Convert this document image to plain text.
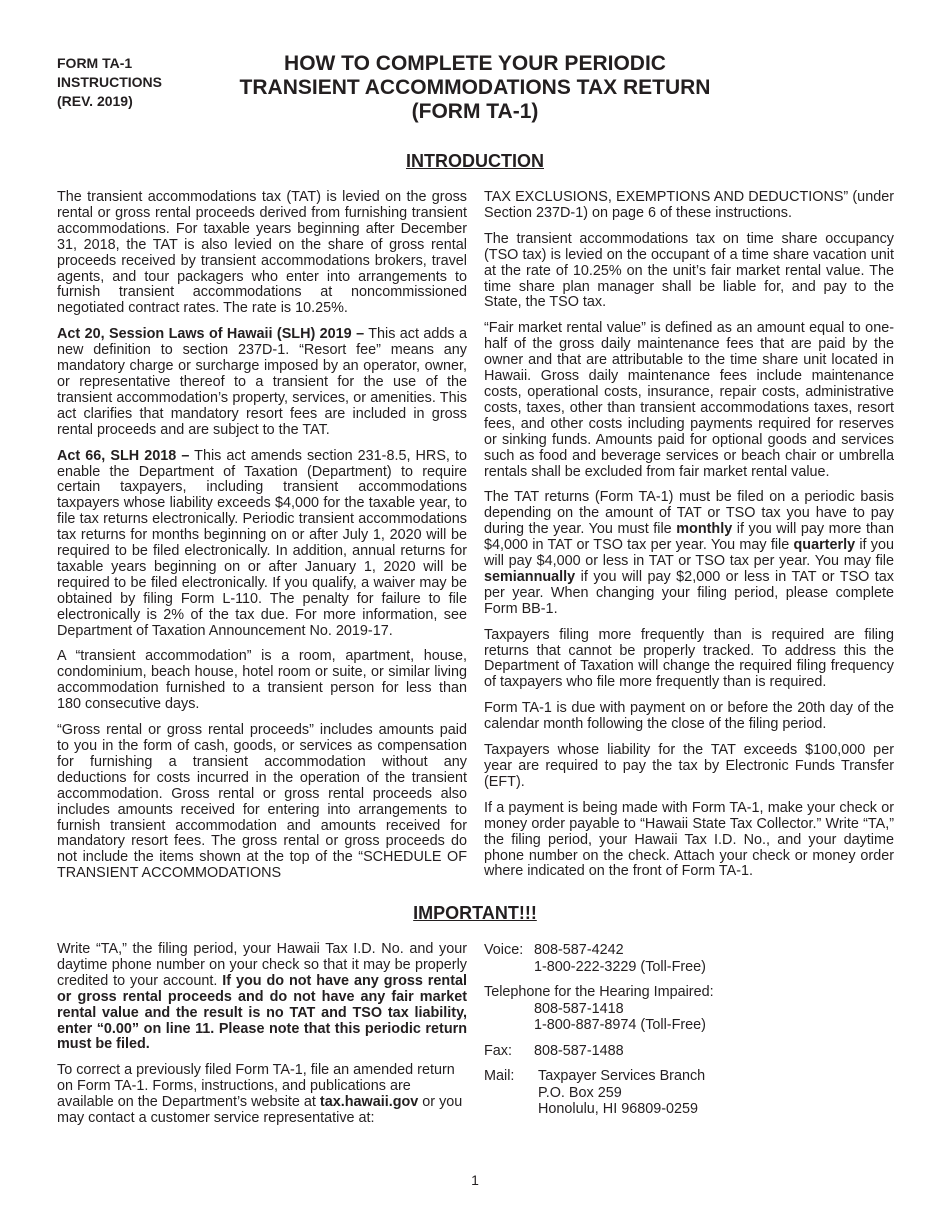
FORM TA-1
INSTRUCTIONS
(REV. 2019)
HOW TO COMPLETE YOUR PERIODIC
TRANSIENT ACCOMMODATIONS TAX RETURN
(FORM TA-1)
INTRODUCTION

The transient accommodations tax (TAT) is levied on the gross rental or gross rental proceeds derived from furnishing transient accommodations. For taxable years beginning after December 31, 2018, the TAT is also levied on the share of gross rental proceeds received by transient accommodations brokers, travel agents, and tour packagers who enter into arrangements to furnish transient accommodations at noncommissioned negotiated contract rates. The rate is 10.25%.

Act 20, Session Laws of Hawaii (SLH) 2019 – This act adds a new definition to section 237D-1. “Resort fee” means any mandatory charge or surcharge imposed by an operator, owner, or representative thereof to a transient for the use of the transient accommodation’s property, services, or amenities. This act clarifies that mandatory resort fees are included in gross rental proceeds and are subject to the TAT.

Act 66, SLH 2018 – This act amends section 231-8.5, HRS, to enable the Department of Taxation (Department) to require certain taxpayers, including transient accommodations taxpayers whose liability exceeds $4,000 for the taxable year, to file tax returns electronically. Periodic transient accommodations tax returns for months beginning on or after July 1, 2020 will be required to be filed electronically. In addition, annual returns for taxable years beginning on or after January 1, 2020 will be required to be filed electronically. If you qualify, a waiver may be obtained by filing Form L-110. The penalty for failure to file electronically is 2% of the tax due. For more information, see Department of Taxation Announcement No. 2019-17.

A “transient accommodation” is a room, apartment, house, condominium, beach house, hotel room or suite, or similar living accommodation furnished to a transient person for less than 180 consecutive days.

“Gross rental or gross rental proceeds” includes amounts paid to you in the form of cash, goods, or services as compensation for furnishing a transient accommodation without any deductions for costs incurred in the operation of the transient accommodation. Gross rental or gross rental proceeds also includes amounts received for entering into arrangements to furnish transient accommodation and amounts received for mandatory resort fees. The gross rental or gross proceeds do not include the items shown at the top of the “SCHEDULE OF TRANSIENT ACCOMMODATIONS

TAX EXCLUSIONS, EXEMPTIONS AND DEDUCTIONS” (under Section 237D-1) on page 6 of these instructions.

The transient accommodations tax on time share occupancy (TSO tax) is levied on the occupant of a time share vacation unit at the rate of 10.25% on the unit’s fair market rental value. The time share plan manager shall be liable for, and pay to the State, the TSO tax.

“Fair market rental value” is defined as an amount equal to one-half of the gross daily maintenance fees that are paid by the owner and that are attributable to the time share unit located in Hawaii. Gross daily maintenance fees include maintenance costs, operational costs, insurance, repair costs, administrative costs, taxes, other than transient accommodations taxes, resort fees, and other costs including payments required for reserves or sinking funds. Amounts paid for optional goods and services such as food and beverage services or beach chair or umbrella rentals shall be excluded from fair market rental value.

The TAT returns (Form TA-1) must be filed on a periodic basis depending on the amount of TAT or TSO tax you have to pay during the year. You must file monthly if you will pay more than $4,000 in TAT or TSO tax per year. You may file quarterly if you will pay $4,000 or less in TAT or TSO tax per year. You may file semiannually if you will pay $2,000 or less in TAT or TSO tax per year. When changing your filing period, please complete Form BB-1.

Taxpayers filing more frequently than is required are filing returns that cannot be properly tracked. To address this the Department of Taxation will change the required filing frequency of taxpayers who file more frequently than is required.

Form TA-1 is due with payment on or before the 20th day of the calendar month following the close of the filing period.

Taxpayers whose liability for the TAT exceeds $100,000 per year are required to pay the tax by Electronic Funds Transfer (EFT).

If a payment is being made with Form TA-1, make your check or money order payable to “Hawaii State Tax Collector.” Write “TA,” the filing period, your Hawaii Tax I.D. No., and your daytime phone number on the check. Attach your check or money order where indicated on the front of Form TA-1.

IMPORTANT!!!

Write “TA,” the filing period, your Hawaii Tax I.D. No. and your daytime phone number on your check so that it may be properly credited to your account. If you do not have any gross rental or gross rental proceeds and do not have any fair market rental value and the result is no TAT and TSO tax liability, enter “0.00” on line 11. Please note that this periodic return must be filed.

To correct a previously filed Form TA-1, file an amended return on Form TA-1. Forms, instructions, and publications are available on the Department’s website at tax.hawaii.gov or you may contact a customer service representative at:

Voice: 808-587-4242
1-800-222-3229 (Toll-Free)
Telephone for the Hearing Impaired:
808-587-1418
1-800-887-8974 (Toll-Free)
Fax:	808-587-1488
Mail:	Taxpayer Services Branch
P.O. Box 259
Honolulu, HI 96809-0259
1
